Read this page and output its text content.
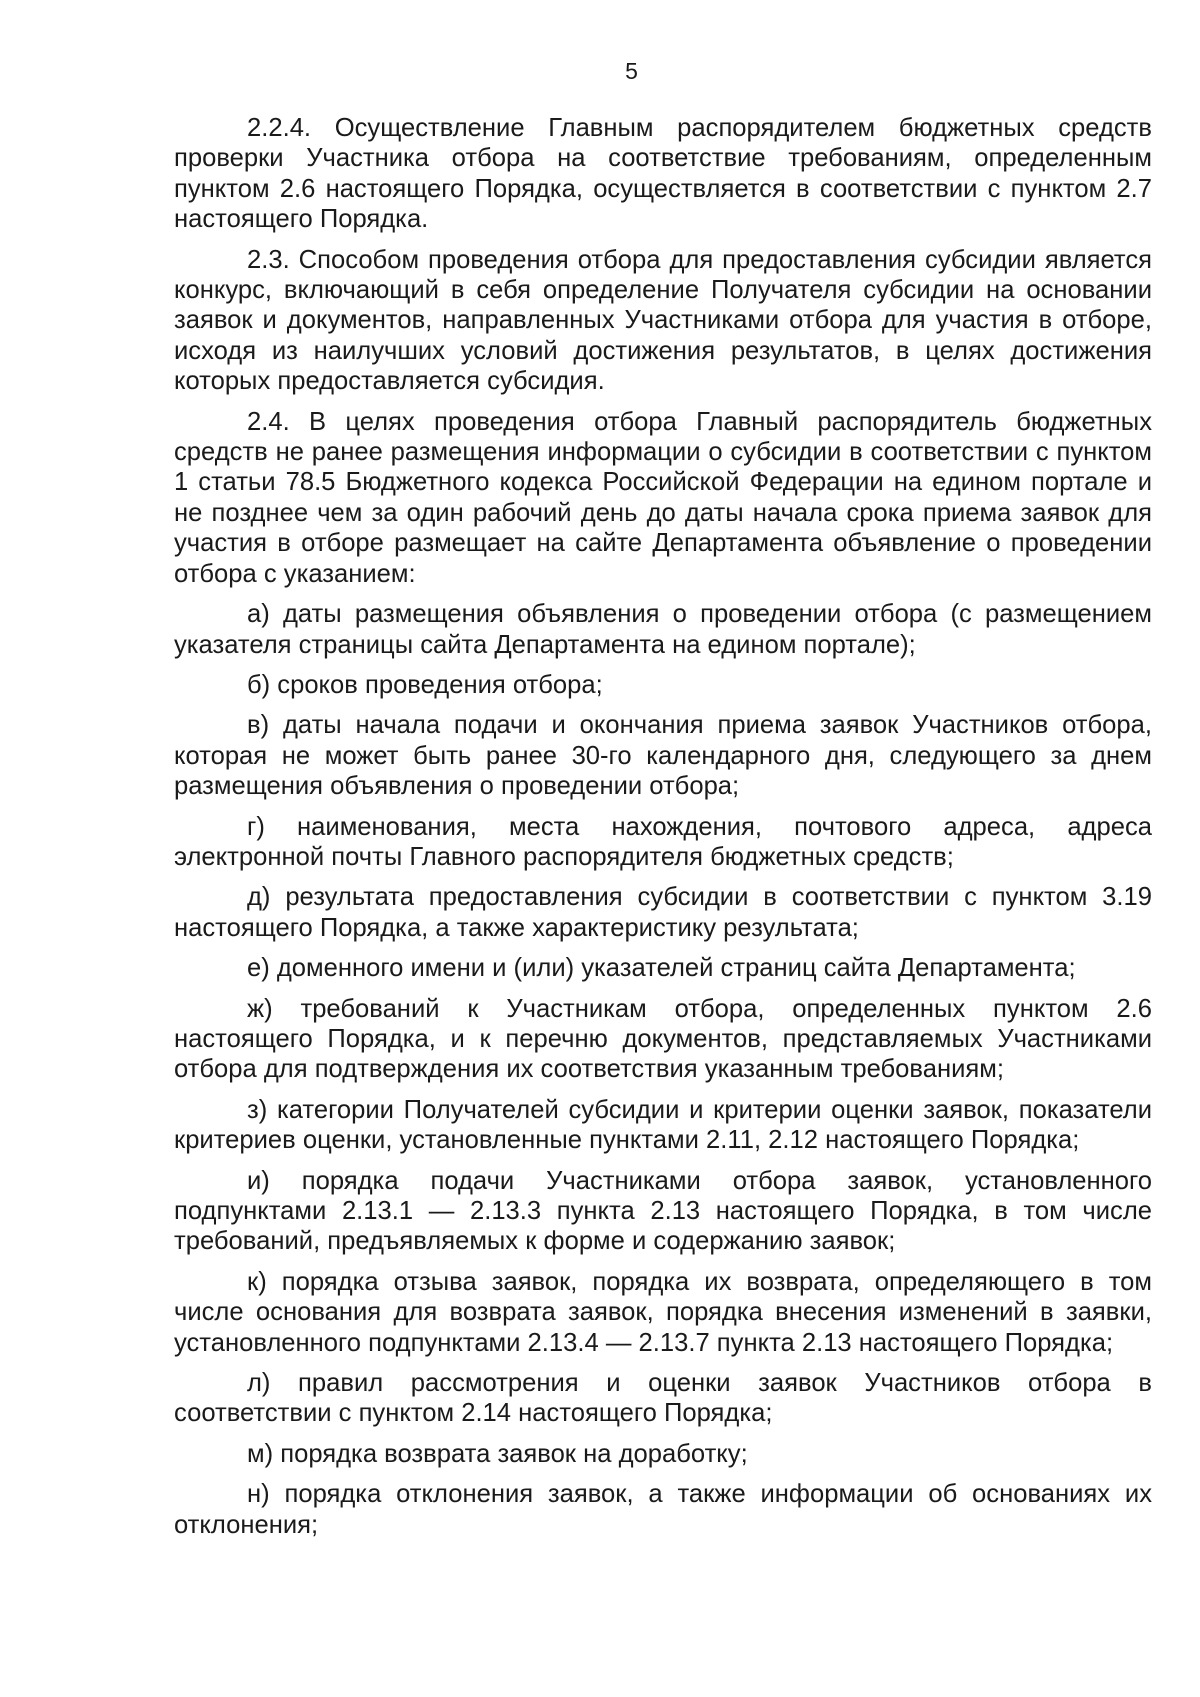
5

2.2.4. Осуществление Главным распорядителем бюджетных средств проверки Участника отбора на соответствие требованиям, определенным пунктом 2.6 настоящего Порядка, осуществляется в соответствии с пунктом 2.7 настоящего Порядка.

2.3. Способом проведения отбора для предоставления субсидии является конкурс, включающий в себя определение Получателя субсидии на основании заявок и документов, направленных Участниками отбора для участия в отборе, исходя из наилучших условий достижения результатов, в целях достижения которых предоставляется субсидия.

2.4. В целях проведения отбора Главный распорядитель бюджетных средств не ранее размещения информации о субсидии в соответствии с пунктом 1 статьи 78.5 Бюджетного кодекса Российской Федерации на едином портале и не позднее чем за один рабочий день до даты начала срока приема заявок для участия в отборе размещает на сайте Департамента объявление о проведении отбора с указанием:

а) даты размещения объявления о проведении отбора (с размещением указателя страницы сайта Департамента на едином портале);

б) сроков проведения отбора;

в) даты начала подачи и окончания приема заявок Участников отбора, которая не может быть ранее 30-го календарного дня, следующего за днем размещения объявления о проведении отбора;

г) наименования, места нахождения, почтового адреса, адреса электронной почты Главного распорядителя бюджетных средств;

д) результата предоставления субсидии в соответствии с пунктом 3.19 настоящего Порядка, а также характеристику результата;

е) доменного имени и (или) указателей страниц сайта Департамента;

ж) требований к Участникам отбора, определенных пунктом 2.6 настоящего Порядка, и к перечню документов, представляемых Участниками отбора для подтверждения их соответствия указанным требованиям;

з) категории Получателей субсидии и критерии оценки заявок, показатели критериев оценки, установленные пунктами 2.11, 2.12 настоящего Порядка;

и) порядка подачи Участниками отбора заявок, установленного подпунктами 2.13.1 — 2.13.3 пункта 2.13 настоящего Порядка, в том числе требований, предъявляемых к форме и содержанию заявок;

к) порядка отзыва заявок, порядка их возврата, определяющего в том числе основания для возврата заявок, порядка внесения изменений в заявки, установленного подпунктами 2.13.4 — 2.13.7 пункта 2.13 настоящего Порядка;

л) правил рассмотрения и оценки заявок Участников отбора в соответствии с пунктом 2.14 настоящего Порядка;

м) порядка возврата заявок на доработку;

н) порядка отклонения заявок, а также информации об основаниях их отклонения;
